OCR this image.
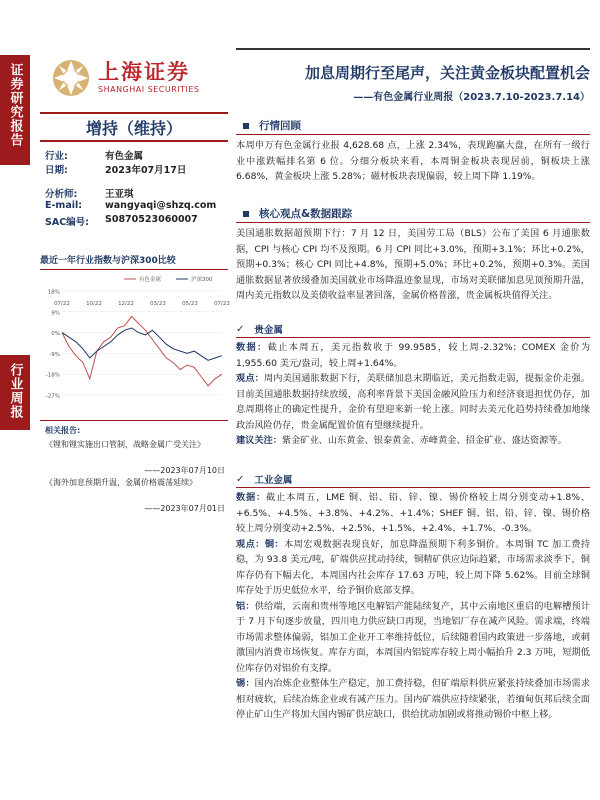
证券研究报告
行业周报
上海证券
SHANGHAI SECURITIES
加息周期行至尾声，关注黄金板块配置机会
——有色金属行业周报（2023.7.10-2023.7.14）
增持（维持）
行业:	有色金属
日期:	2023年07月17日
分析师:	王亚琪
E-mail:	wangyaqi@shzq.com
SAC编号:	S0870523060007
最近一年行业指数与沪深300比较
18%
9%
0%
-9%
-18%
-27%
07/22	10/22	12/22	03/23	05/23	07/23
有色金属	沪深300
相关报告:
《锂和锂实施出口管制，战略金属广受关注》
——2023年07月10日
《海外加息预期升温，金属价格震荡延续》
——2023年07月01日
行情回顾
本周申万有色金属行业报 4,628.68 点，上涨 2.34%，表现跑赢大盘，在所有一级行业中涨跌幅排名第 6 位。分细分板块来看，本周铜金板块表现居前，铜板块上涨 6.68%，黄金板块上涨 5.28%；磁材板块表现偏弱，较上周下降 1.19%。
核心观点&数据跟踪
美国通胀数据超预期下行：7 月 12 日，美国劳工局（BLS）公布了美国 6 月通胀数据，CPI 与核心 CPI 均不及预期。6 月 CPI 同比+3.0%，预期+3.1%；环比+0.2%，预期+0.3%；核心 CPI 同比+4.8%，预期+5.0%；环比+0.2%，预期+0.3%。美国通胀数据显著放缓叠加美国就业市场降温迹象显现，市场对美联储加息见顶预期升温，周内美元指数以及美债收益率显著回落，金属价格普涨，贵金属板块值得关注。
✓ 贵金属
数据：截止本周五，美元指数收于 99.9585，较上周-2.32%；COMEX 金价为 1,955.60 美元/盎司，较上周+1.64%。
观点：周内美国通胀数据下行，美联储加息末期临近，美元指数走弱，提振金价走强。目前美国通胀数据持续放缓，高利率背景下美国金融风险压力和经济衰退担忧仍存，加息周期将止的确定性提升，金价有望迎来新一轮上涨。同时去美元化趋势持续叠加地缘政治风险仍存，贵金属配置价值有望继续提升。
建议关注：紫金矿业、山东黄金、银泰黄金、赤峰黄金、招金矿业、盛达资源等。
✓ 工业金属
数据：截止本周五，LME 铜、铝、铅、锌、镍、锡价格较上周分别变动+1.8%、+6.5%、+4.5%、+3.8%、+4.2%、+1.4%；SHEF 铜、铝、铅、锌、镍、锡价格较上周分别变动+2.5%、+2.5%、+1.5%、+2.4%、+1.7%、-0.3%。
观点：铜：本周宏观数据表现良好，加息降温预期下利多铜价。本周铜 TC 加工费持稳，为 93.8 美元/吨，矿端供应扰动持续，铜精矿供应边际趋紧，市场需求淡季下，铜库存仍有下幅去化，本周国内社会库存 17.63 万吨，较上周下降 5.62%。目前全球铜库存处于历史低位水平，给予铜价底部支撑。
铝：供给端，云南和贵州等地区电解铝产能陆续复产，其中云南地区重启的电解槽预计于 7 月下旬逐步放量，四川电力供应缺口再现，当地铝厂存在减产风险。需求端，终端市场需求整体偏弱，铝加工企业开工率维持低位，后续随着国内政策进一步落地，或刺激国内消费市场恢复。库存方面，本周国内铝锭库存较上周小幅抬升 2.3 万吨，短期低位库存仍对铝价有支撑。
锡：国内冶炼企业整体生产稳定，加工费持稳，但矿端原料供应紧张持续叠加市场需求相对疲软，后续冶炼企业或有减产压力。国内矿端供应持续紧张，若缅甸佤邦后续全面停止矿山生产将加大国内锡矿供应缺口，供给扰动加剧或将推动锡价中枢上移。
